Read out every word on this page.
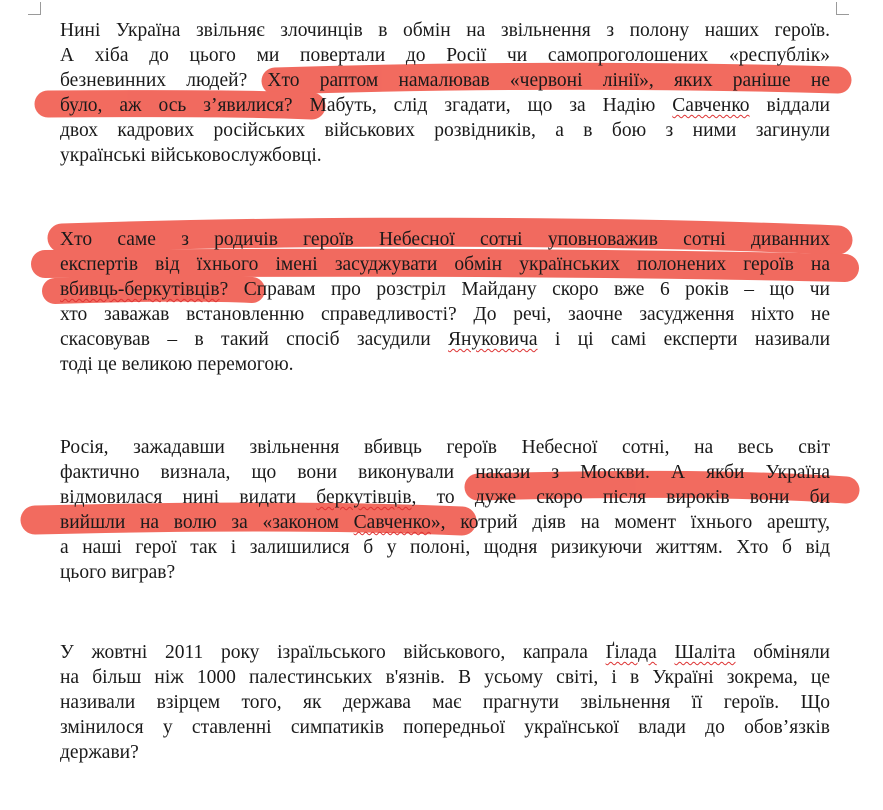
Нині Україна звільняє злочинців в обмін на звільнення з полону наших героїв.
А хіба до цього ми повертали до Росії чи самопроголошених «республік»
безневинних людей? Хто раптом намалював «червоні лінії», яких раніше не
було, аж ось з’явилися? Мабуть, слід згадати, що за Надію Савченко віддали
двох кадрових російських військових розвідників, а в бою з ними загинули
українські військовослужбовці.
Хто саме з родичів героїв Небесної сотні уповноважив сотні диванних
експертів від їхнього імені засуджувати обмін українських полонених героїв на
вбивць-беркутівців? Справам про розстріл Майдану скоро вже 6 років – що чи
хто заважав встановленню справедливості? До речі, заочне засудження ніхто не
скасовував – в такий спосіб засудили Януковича і ці самі експерти називали
тоді це великою перемогою.
Росія, зажадавши звільнення вбивць героїв Небесної сотні, на весь світ
фактично визнала, що вони виконували накази з Москви. А якби Україна
відмовилася нині видати беркутівців, то дуже скоро після вироків вони би
вийшли на волю за «законом Савченко», котрий діяв на момент їхнього арешту,
а наші герої так і залишилися б у полоні, щодня ризикуючи життям. Хто б від
цього виграв?
У жовтні 2011 року ізраїльського військового, капрала Ґілада Шаліта обміняли
на більш ніж 1000 палестинських в'язнів. В усьому світі, і в Україні зокрема, це
називали взірцем того, як держава має прагнути звільнення її героїв. Що
змінилося у ставленні симпатиків попередньої української влади до обов’язків
держави?
